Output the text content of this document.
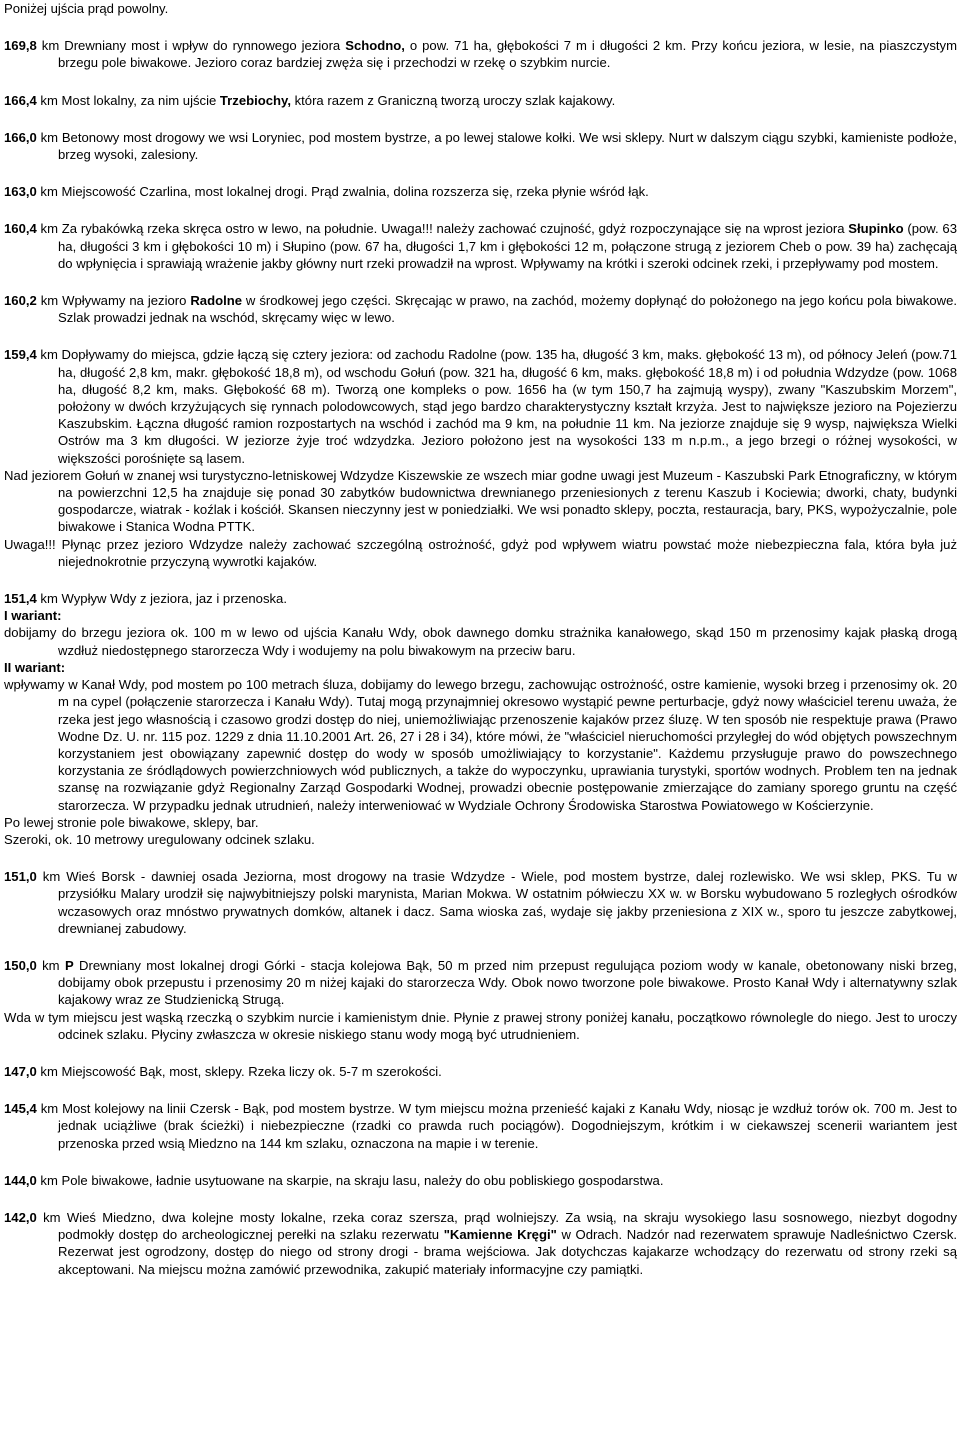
Poniżej ujścia prąd powolny.

169,8 km Drewniany most i wpływ do rynnowego jeziora Schodno, o pow. 71 ha, głębokości 7 m i długości 2 km. Przy końcu jeziora, w lesie, na piaszczystym brzegu pole biwakowe. Jezioro coraz bardziej zwęża się i przechodzi w rzekę o szybkim nurcie.
166,4 km Most lokalny, za nim ujście Trzebiochy, która razem z Graniczną tworzą uroczy szlak kajakowy.
166,0 km Betonowy most drogowy we wsi Loryniec, pod mostem bystrze, a po lewej stalowe kołki. We wsi sklepy. Nurt w dalszym ciągu szybki, kamieniste podłoże, brzeg wysoki, zalesiony.
163,0 km Miejscowość Czarlina, most lokalnej drogi. Prąd zwalnia, dolina rozszerza się, rzeka płynie wśród łąk.
160,4 km Za rybakówką rzeka skręca ostro w lewo, na południe. Uwaga!!! należy zachować czujność, gdyż rozpoczynające się na wprost jeziora Słupinko (pow. 63 ha, długości 3 km i głębokości 10 m) i Słupino (pow. 67 ha, długości 1,7 km i głębokości 12 m, połączone strugą z jeziorem Cheb o pow. 39 ha) zachęcają do wpłynięcia i sprawiają wrażenie jakby główny nurt rzeki prowadził na wprost. Wpływamy na krótki i szeroki odcinek rzeki, i przepływamy pod mostem.
160,2 km Wpływamy na jezioro Radolne w środkowej jego części. Skręcając w prawo, na zachód, możemy dopłynąć do położonego na jego końcu pola biwakowe. Szlak prowadzi jednak na wschód, skręcamy więc w lewo.
159,4 km Dopływamy do miejsca, gdzie łączą się cztery jeziora: od zachodu Radolne (pow. 135 ha, długość 3 km, maks. głębokość 13 m), od północy Jeleń (pow.71 ha, długość 2,8 km, makr. głębokość 18,8 m), od wschodu Gołuń (pow. 321 ha, długość 6 km, maks. głębokość 18,8 m) i od południa Wdzydze (pow. 1068 ha, długość 8,2 km, maks. Głębokość 68 m). Tworzą one kompleks o pow. 1656 ha (w tym 150,7 ha zajmują wyspy), zwany "Kaszubskim Morzem", położony w dwóch krzyżujących się rynnach polodowcowych, stąd jego bardzo charakterystyczny kształt krzyża. Jest to największe jezioro na Pojezierzu Kaszubskim. Łączna długość ramion rozpostartych na wschód i zachód ma 9 km, na południe 11 km. Na jeziorze znajduje się 9 wysp, największa Wielki Ostrów ma 3 km długości. W jeziorze żyje troć wdzydzka. Jezioro położono jest na wysokości 133 m n.p.m., a jego brzegi o różnej wysokości, w większości porośnięte są lasem.
Nad jeziorem Gołuń w znanej wsi turystyczno-letniskowej Wdzydze Kiszewskie ze wszech miar godne uwagi jest Muzeum - Kaszubski Park Etnograficzny, w którym na powierzchni 12,5 ha znajduje się ponad 30 zabytków budownictwa drewnianego przeniesionych z terenu Kaszub i Kociewia; dworki, chaty, budynki gospodarcze, wiatrak - koźlak i kościół. Skansen nieczynny jest w poniedziałki. We wsi ponadto sklepy, poczta, restauracja, bary, PKS, wypożyczalnie, pole biwakowe i Stanica Wodna PTTK.
Uwaga!!! Płynąc przez jezioro Wdzydze należy zachować szczególną ostrożność, gdyż pod wpływem wiatru powstać może niebezpieczna fala, która była już niejednokrotnie przyczyną wywrotki kajaków.
151,4 km Wypływ Wdy z jeziora, jaz i przenoska.
I wariant:
dobijamy do brzegu jeziora ok. 100 m w lewo od ujścia Kanału Wdy, obok dawnego domku strażnika kanałowego, skąd 150 m przenosimy kajak płaską drogą wzdłuż niedostępnego starorzecza Wdy i wodujemy na polu biwakowym na przeciw baru.
II wariant:
wpływamy w Kanał Wdy, pod mostem po 100 metrach śluza, dobijamy do lewego brzegu, zachowując ostrożność, ostre kamienie, wysoki brzeg i przenosimy ok. 20 m na cypel (połączenie starorzecza i Kanału Wdy). Tutaj mogą przynajmniej okresowo wystąpić pewne perturbacje, gdyż nowy właściciel terenu uważa, że rzeka jest jego własnością i czasowo grodzi dostęp do niej, uniemożliwiając przenoszenie kajaków przez śluzę. W ten sposób nie respektuje prawa (Prawo Wodne Dz. U. nr. 115 poz. 1229 z dnia 11.10.2001 Art. 26, 27 i 28 i 34), które mówi, że "właściciel nieruchomości przyległej do wód objętych powszechnym korzystaniem jest obowiązany zapewnić dostęp do wody w sposób umożliwiający to korzystanie". Każdemu przysługuje prawo do powszechnego korzystania ze śródlądowych powierzchniowych wód publicznych, a także do wypoczynku, uprawiania turystyki, sportów wodnych. Problem ten na jednak szansę na rozwiązanie gdyż Regionalny Zarząd Gospodarki Wodnej, prowadzi obecnie postępowanie zmierzające do zamiany sporego gruntu na część starorzecza. W przypadku jednak utrudnień, należy interweniować w Wydziale Ochrony Środowiska Starostwa Powiatowego w Kościerzynie.
Po lewej stronie pole biwakowe, sklepy, bar.
Szeroki, ok. 10 metrowy uregulowany odcinek szlaku.
151,0 km Wieś Borsk - dawniej osada Jeziorna, most drogowy na trasie Wdzydze - Wiele, pod mostem bystrze, dalej rozlewisko. We wsi sklep, PKS. Tu w przysiółku Malary urodził się najwybitniejszy polski marynista, Marian Mokwa. W ostatnim półwieczu XX w. w Borsku wybudowano 5 rozległych ośrodków wczasowych oraz mnóstwo prywatnych domków, altanek i dacz. Sama wioska zaś, wydaje się jakby przeniesiona z XIX w., sporo tu jeszcze zabytkowej, drewnianej zabudowy.
150,0 km P Drewniany most lokalnej drogi Górki - stacja kolejowa Bąk, 50 m przed nim przepust regulująca poziom wody w kanale, obetonowany niski brzeg, dobijamy obok przepustu i przenosimy 20 m niżej kajaki do starorzecza Wdy. Obok nowo tworzone pole biwakowe. Prosto Kanał Wdy i alternatywny szlak kajakowy wraz ze Studzienicką Strugą.
Wda w tym miejscu jest wąską rzeczką o szybkim nurcie i kamienistym dnie. Płynie z prawej strony poniżej kanału, początkowo równolegle do niego. Jest to uroczy odcinek szlaku. Płyciny zwłaszcza w okresie niskiego stanu wody mogą być utrudnieniem.
147,0 km Miejscowość Bąk, most, sklepy. Rzeka liczy ok. 5-7 m szerokości.
145,4 km Most kolejowy na linii Czersk - Bąk, pod mostem bystrze. W tym miejscu można przenieść kajaki z Kanału Wdy, niosąc je wzdłuż torów ok. 700 m. Jest to jednak uciążliwe (brak ścieżki) i niebezpieczne (rzadki co prawda ruch pociągów). Dogodniejszym, krótkim i w ciekawszej scenerii wariantem jest przenoska przed wsią Miedzno na 144 km szlaku, oznaczona na mapie i w terenie.
144,0 km Pole biwakowe, ładnie usytuowane na skarpie, na skraju lasu, należy do obu pobliskiego gospodarstwa.
142,0 km Wieś Miedzno, dwa kolejne mosty lokalne, rzeka coraz szersza, prąd wolniejszy. Za wsią, na skraju wysokiego lasu sosnowego, niezbyt dogodny podmokły dostęp do archeologicznej perełki na szlaku rezerwatu "Kamienne Kręgi" w Odrach. Nadzór nad rezerwatem sprawuje Nadleśnictwo Czersk. Rezerwat jest ogrodzony, dostęp do niego od strony drogi - brama wejściowa. Jak dotychczas kajakarze wchodzący do rezerwatu od strony rzeki są akceptowani. Na miejscu można zamówić przewodnika, zakupić materiały informacyjne czy pamiątki.
